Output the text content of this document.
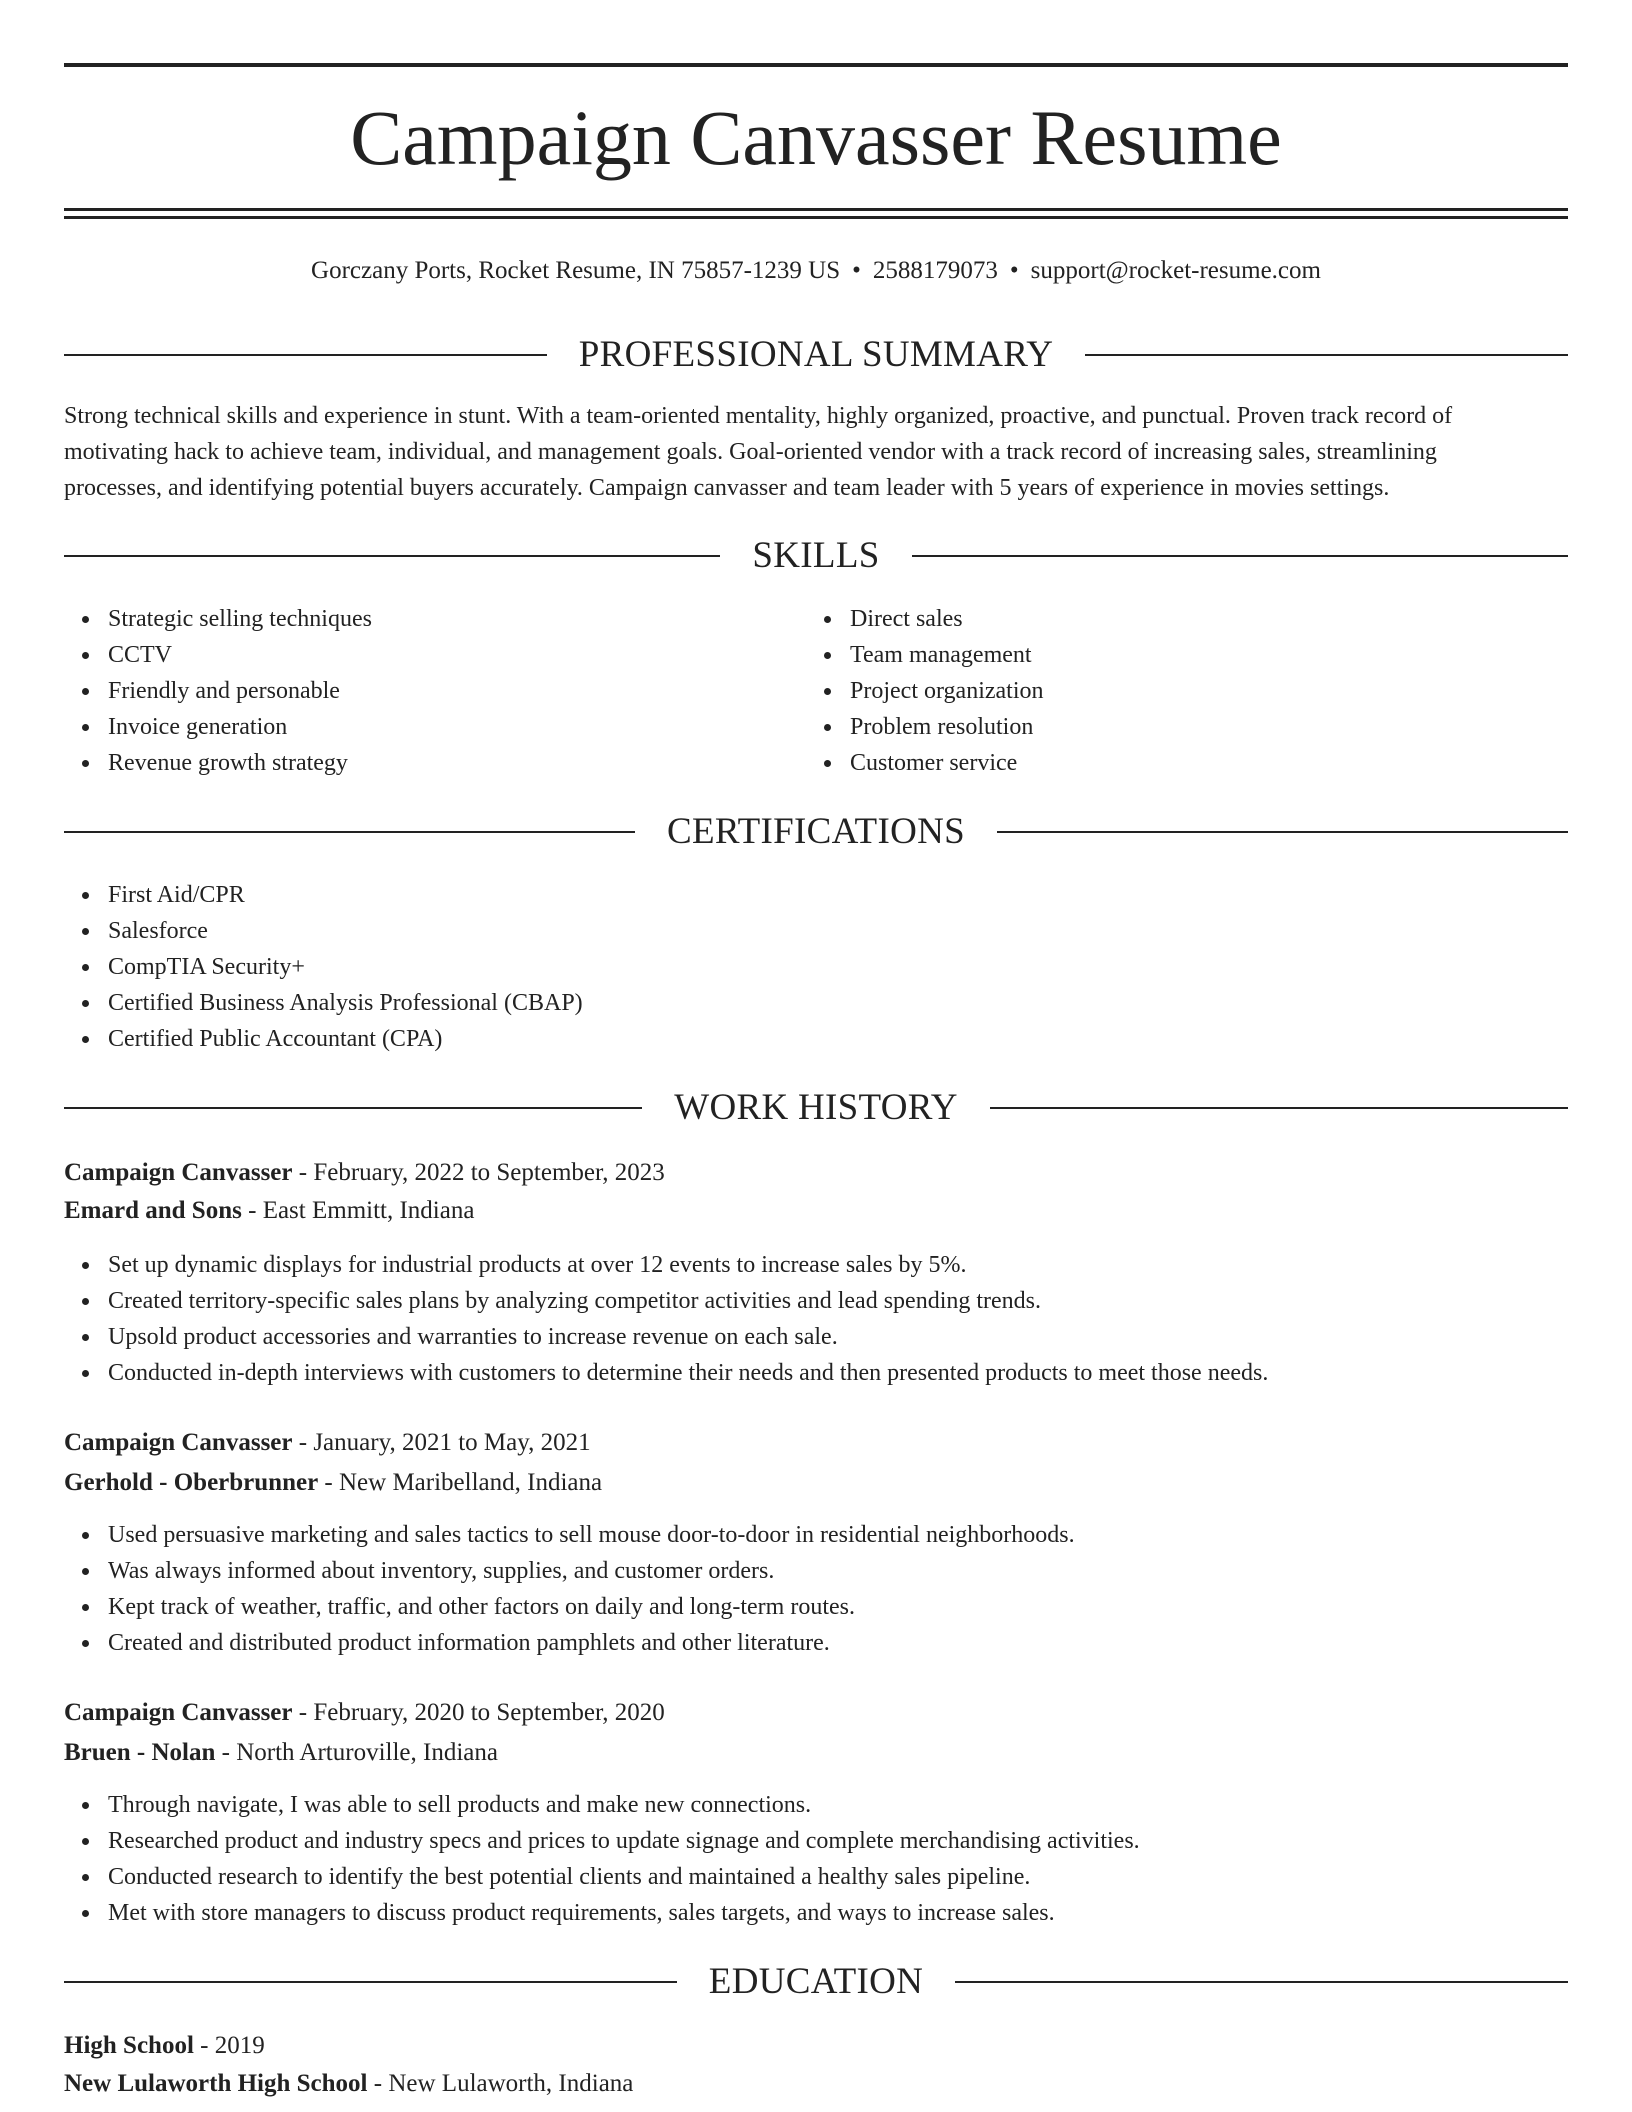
Campaign Canvasser Resume
Gorczany Ports, Rocket Resume, IN 75857-1239 US • 2588179073 • support@rocket-resume.com
PROFESSIONAL SUMMARY
Strong technical skills and experience in stunt. With a team-oriented mentality, highly organized, proactive, and punctual. Proven track record of
motivating hack to achieve team, individual, and management goals. Goal-oriented vendor with a track record of increasing sales, streamlining
processes, and identifying potential buyers accurately. Campaign canvasser and team leader with 5 years of experience in movies settings.
SKILLS
Strategic selling techniques
CCTV
Friendly and personable
Invoice generation
Revenue growth strategy
Direct sales
Team management
Project organization
Problem resolution
Customer service
CERTIFICATIONS
First Aid/CPR
Salesforce
CompTIA Security+
Certified Business Analysis Professional (CBAP)
Certified Public Accountant (CPA)
WORK HISTORY
Campaign Canvasser - February, 2022 to September, 2023
Emard and Sons - East Emmitt, Indiana
Set up dynamic displays for industrial products at over 12 events to increase sales by 5%.
Created territory-specific sales plans by analyzing competitor activities and lead spending trends.
Upsold product accessories and warranties to increase revenue on each sale.
Conducted in-depth interviews with customers to determine their needs and then presented products to meet those needs.
Campaign Canvasser - January, 2021 to May, 2021
Gerhold - Oberbrunner - New Maribelland, Indiana
Used persuasive marketing and sales tactics to sell mouse door-to-door in residential neighborhoods.
Was always informed about inventory, supplies, and customer orders.
Kept track of weather, traffic, and other factors on daily and long-term routes.
Created and distributed product information pamphlets and other literature.
Campaign Canvasser - February, 2020 to September, 2020
Bruen - Nolan - North Arturoville, Indiana
Through navigate, I was able to sell products and make new connections.
Researched product and industry specs and prices to update signage and complete merchandising activities.
Conducted research to identify the best potential clients and maintained a healthy sales pipeline.
Met with store managers to discuss product requirements, sales targets, and ways to increase sales.
EDUCATION
High School - 2019
New Lulaworth High School - New Lulaworth, Indiana
